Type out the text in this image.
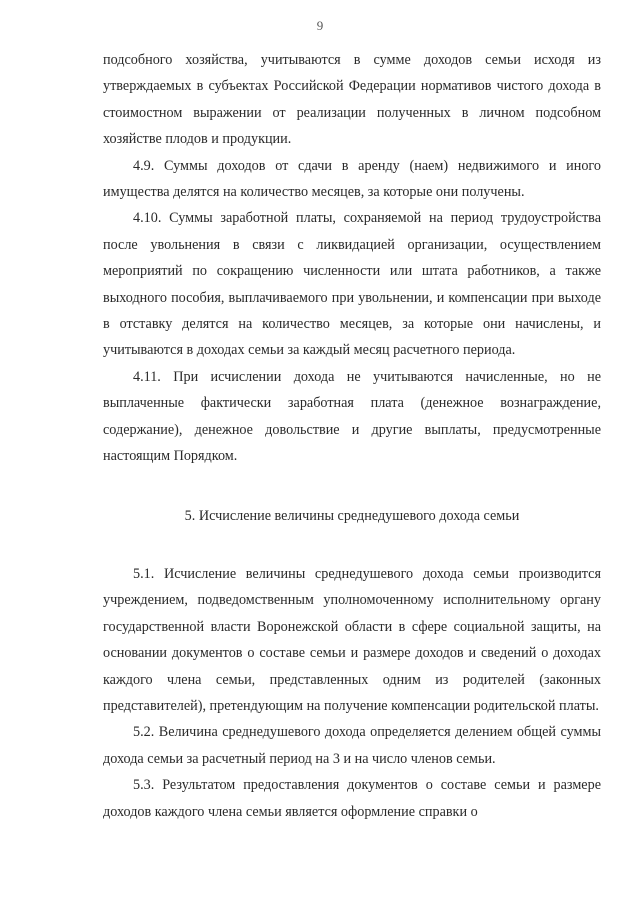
9

подсобного хозяйства, учитываются в сумме доходов семьи исходя из утверждаемых в субъектах Российской Федерации нормативов чистого дохода в стоимостном выражении от реализации полученных в личном подсобном хозяйстве плодов и продукции.

4.9. Суммы доходов от сдачи в аренду (наем) недвижимого и иного имущества делятся на количество месяцев, за которые они получены.

4.10. Суммы заработной платы, сохраняемой на период трудоустройства после увольнения в связи с ликвидацией организации, осуществлением мероприятий по сокращению численности или штата работников, а также выходного пособия, выплачиваемого при увольнении, и компенсации при выходе в отставку делятся на количество месяцев, за которые они начислены, и учитываются в доходах семьи за каждый месяц расчетного периода.

4.11. При исчислении дохода не учитываются начисленные, но не выплаченные фактически заработная плата (денежное вознаграждение, содержание), денежное довольствие и другие выплаты, предусмотренные настоящим Порядком.

5. Исчисление величины среднедушевого дохода семьи

5.1. Исчисление величины среднедушевого дохода семьи производится учреждением, подведомственным уполномоченному исполнительному органу государственной власти Воронежской области в сфере социальной защиты, на основании документов о составе семьи и размере доходов и сведений о доходах каждого члена семьи, представленных одним из родителей (законных представителей), претендующим на получение компенсации родительской платы.

5.2. Величина среднедушевого дохода определяется делением общей суммы дохода семьи за расчетный период на 3 и на число членов семьи.

5.3. Результатом предоставления документов о составе семьи и размере доходов каждого члена семьи является оформление справки о
